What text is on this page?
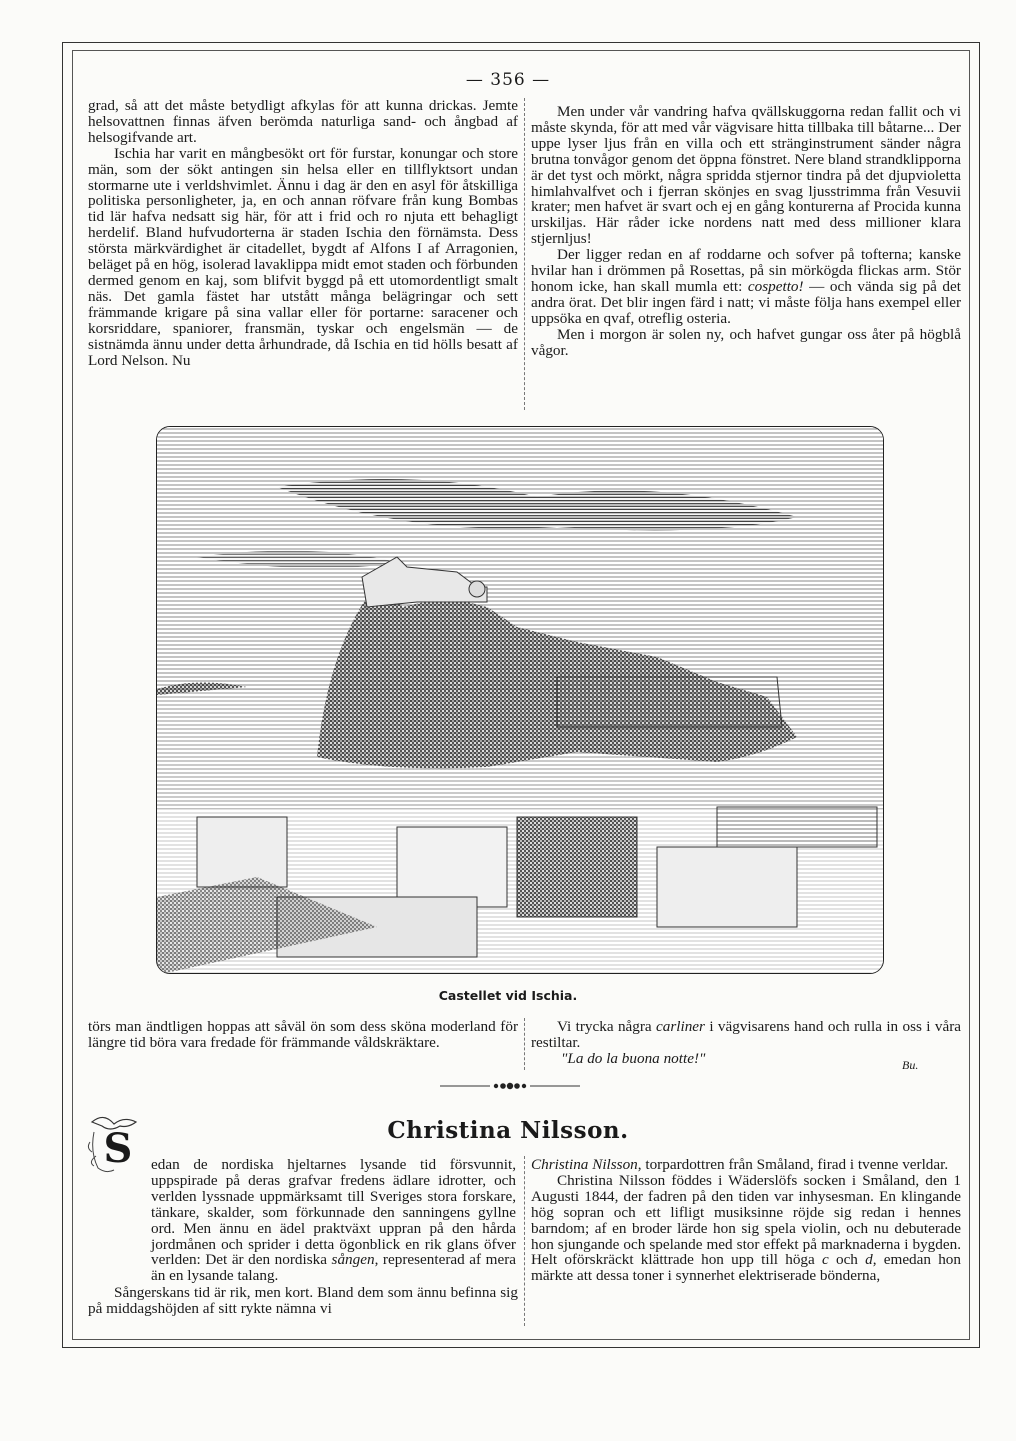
— 356 —

grad, så att det måste betydligt afkylas för att kunna drickas. Jemte helsovattnen finnas äfven berömda naturliga sand- och ångbad af helsogifvande art.

Ischia har varit en mångbesökt ort för furstar, konungar och store män, som der sökt antingen sin helsa eller en tillflyktsort undan stormarne ute i verldshvimlet. Ännu i dag är den en asyl för åtskilliga politiska personligheter, ja, en och annan röfvare från kung Bombas tid lär hafva nedsatt sig här, för att i frid och ro njuta ett behagligt herdelif. Bland hufvudorterna är staden Ischia den förnämsta. Dess största märkvärdighet är citadellet, bygdt af Alfons I af Arragonien, beläget på en hög, isolerad lavaklippa midt emot staden och förbunden dermed genom en kaj, som blifvit byggd på ett utomordentligt smalt näs. Det gamla fästet har utstått många belägringar och sett främmande krigare på sina vallar eller för portarne: saracener och korsriddare, spaniorer, fransmän, tyskar och engelsmän — de sistnämda ännu under detta århundrade, då Ischia en tid hölls besatt af Lord Nelson. Nu

Men under vår vandring hafva qvällskuggorna redan fallit och vi måste skynda, för att med vår vägvisare hitta tillbaka till båtarne... Der uppe lyser ljus från en villa och ett stränginstrument sänder några brutna tonvågor genom det öppna fönstret. Nere bland strandklipporna är det tyst och mörkt, några spridda stjernor tindra på det djupvioletta himlahvalfvet och i fjerran skönjes en svag ljusstrimma från Vesuvii krater; men hafvet är svart och ej en gång konturerna af Procida kunna urskiljas. Här råder icke nordens natt med dess millioner klara stjernljus!

Der ligger redan en af roddarne och sofver på tofterna; kanske hvilar han i drömmen på Rosettas, på sin mörkögda flickas arm. Stör honom icke, han skall mumla ett: cospetto! — och vända sig på det andra örat. Det blir ingen färd i natt; vi måste följa hans exempel eller uppsöka en qvaf, otreflig osteria.

Men i morgon är solen ny, och hafvet gungar oss åter på högblå vågor.

Castellet vid Ischia.

törs man ändtligen hoppas att såväl ön som dess sköna moderland för längre tid böra vara fredade för främmande våldskräktare.

Vi trycka några carliner i vägvisarens hand och rulla in oss i våra restiltar.

"La do la buona notte!"	Bu.
Christina Nilsson.
S edan de nordiska hjeltarnes lysande tid försvunnit, uppspirade på deras grafvar fredens ädlare idrotter, och verlden lyssnade uppmärksamt till Sveriges stora forskare, tänkare, skalder, som förkunnade den sanningens gyllne ord. Men ännu en ädel praktväxt uppran på den hårda jordmånen och sprider i detta ögonblick en rik glans öfver verlden: Det är den nordiska sången, representerad af mera än en lysande talang.

Sångerskans tid är rik, men kort. Bland dem som ännu befinna sig på middagshöjden af sitt rykte nämna vi

Christina Nilsson, torpardottren från Småland, firad i tvenne verldar.

Christina Nilsson föddes i Wäderslöfs socken i Småland, den 1 Augusti 1844, der fadren på den tiden var inhysesman. En klingande hög sopran och ett lifligt musiksinne röjde sig redan i hennes barndom; af en broder lärde hon sig spela violin, och nu debuterade hon sjungande och spelande med stor effekt på marknaderna i bygden. Helt oförskräckt klättrade hon upp till höga c och d, emedan hon märkte att dessa toner i synnerhet elektriserade bönderna,
